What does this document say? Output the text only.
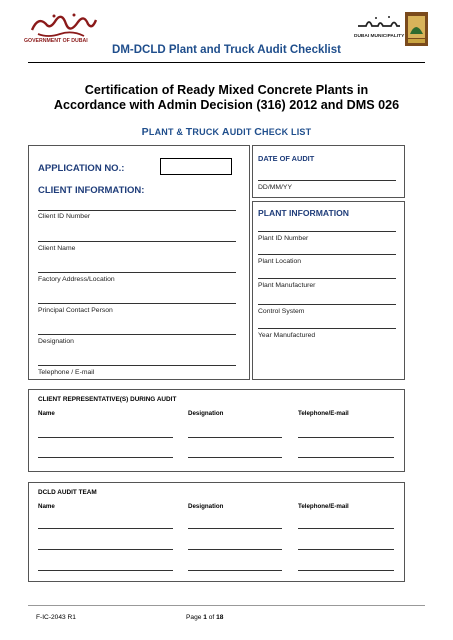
GOVERNMENT OF DUBAI
DUBAI MUNICIPALITY
DM-DCLD Plant and Truck Audit Checklist
Certification of Ready Mixed Concrete Plants in
Accordance with Admin Decision (316) 2012 and DMS 026
PLANT & TRUCK AUDIT CHECK LIST
APPLICATION NO.:
CLIENT INFORMATION:
Client ID Number
Client Name
Factory Address/Location
Principal Contact Person
Designation
Telephone / E-mail
DATE OF AUDIT
DD/MM/YY
PLANT INFORMATION
Plant ID Number
Plant Location
Plant Manufacturer
Control System
Year Manufactured
CLIENT REPRESENTATIVE(S) DURING AUDIT
Name	Designation	Telephone/E-mail
DCLD AUDIT TEAM
Name	Designation	Telephone/E-mail
F-IC-2043 R1	Page 1 of 18
